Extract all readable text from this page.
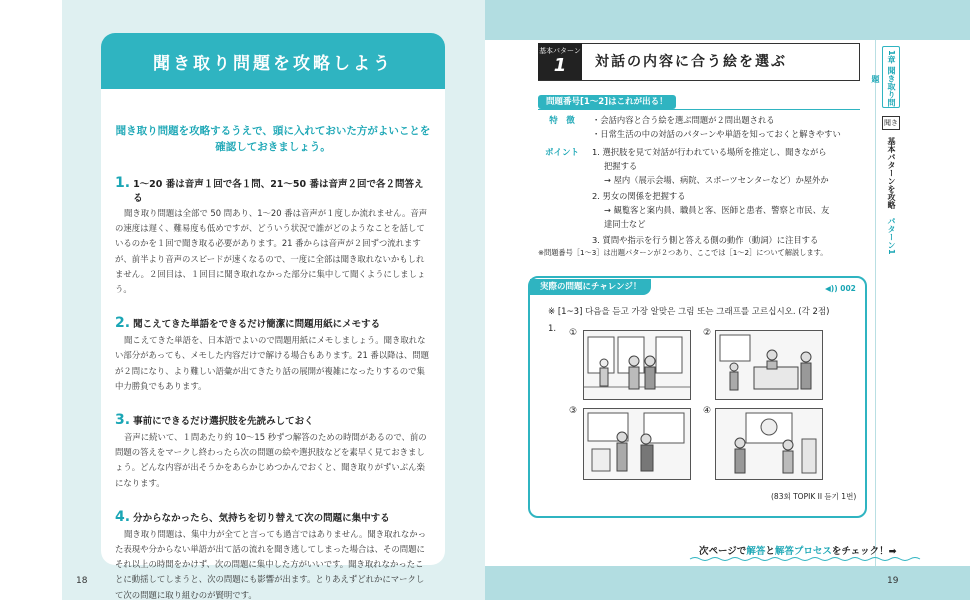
聞き取り問題を攻略しよう
聞き取り問題を攻略するうえで、頭に入れておいた方がよいことを
確認しておきましょう。
1. 1～20 番は音声１回で各１問、21～50 番は音声２回で各２問答える
聞き取り問題は全部で 50 問あり、1～20 番は音声が１度しか流れません。音声の速度は遅く、難易度も低めですが、どういう状況で誰がどのようなことを話しているのかを１回で聞き取る必要があります。21 番からは音声が２回ずつ流れますが、前半より音声のスピードが速くなるので、一度に全部は聞き取れないかもしれません。２回目は、１回目に聞き取れなかった部分に集中して聞くようにしましょう。
2. 聞こえてきた単語をできるだけ簡潔に問題用紙にメモする
聞こえてきた単語を、日本語でよいので問題用紙にメモしましょう。聞き取れない部分があっても、メモした内容だけで解ける場合もあります。21 番以降は、問題が２問になり、より難しい語彙が出てきたり話の展開が複雑になったりするので集中力勝負でもあります。
3. 事前にできるだけ選択肢を先読みしておく
音声に続いて、１問あたり約 10～15 秒ずつ解答のための時間があるので、前の問題の答えをマークし終わったら次の問題の絵や選択肢などを素早く見ておきましょう。どんな内容が出そうかをあらかじめつかんでおくと、聞き取りがずいぶん楽になります。
4. 分からなかったら、気持ちを切り替えて次の問題に集中する
聞き取り問題は、集中力が全てと言っても過言ではありません。聞き取れなかった表現や分からない単語が出て話の流れを聞き逃してしまった場合は、その問題にそれ以上の時間をかけず、次の問題に集中した方がいいです。聞き取れなかったことに動揺してしまうと、次の問題にも影響が出ます。とりあえずどれかにマークして次の問題に取り組むのが賢明です。
18
1章 聞き取り問題
聞き
基本パターンを攻略　パターン1
基本パターン
1	対話の内容に合う絵を選ぶ
問題番号[1～2]はこれが出る！
特　徴	・会話内容と合う絵を選ぶ問題が２問出題される
・日常生活の中の対話のパターンや単語を知っておくと解きやすい
ポイント	1. 選択肢を見て対話が行われている場所を推定し、聞きながら
把握する
→ 屋内（展示会場、病院、スポーツセンターなど）か屋外か
2. 男女の関係を把握する
→ 観覧客と案内員、職員と客、医師と患者、警察と市民、友
達同士など
3. 質問や指示を行う側と答える側の動作（動詞）に注目する
※問題番号［1～3］は出題パターンが２つあり、ここでは［1～2］について解説します。
実際の問題にチャレンジ！	◀)) 002
※ [1~3] 다음을 듣고 가장 알맞은 그림 또는 그래프를 고르십시오. (각 2점)
1. ①	②
③	④
(83회 TOPIK II 듣기 1번)
次ページで解答と解答プロセスをチェック！➡
19
